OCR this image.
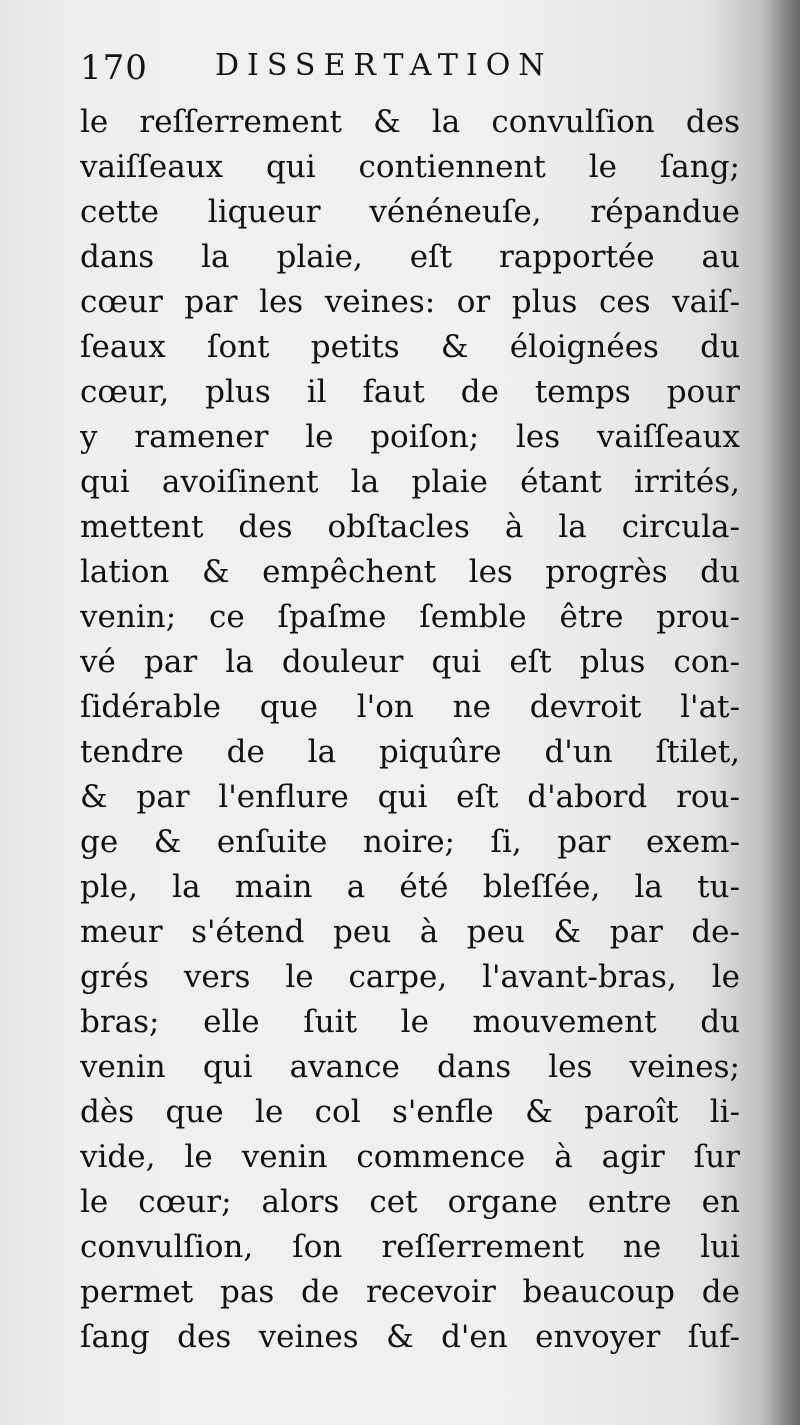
170 DISSERTATION
le reſſerrement & la convulſion des
vaiſſeaux qui contiennent le ſang;
cette liqueur vénéneuſe, répandue
dans la plaie, eſt rapportée au
cœur par les veines: or plus ces vaiſ-
ſeaux ſont petits & éloignées du
cœur, plus il faut de temps pour
y ramener le poiſon; les vaiſſeaux
qui avoiſinent la plaie étant irrités,
mettent des obſtacles à la circula-
lation & empêchent les progrès du
venin; ce ſpaſme ſemble être prou-
vé par la douleur qui eſt plus con-
ſidérable que l'on ne devroit l'at-
tendre de la piquûre d'un ſtilet,
& par l'enflure qui eſt d'abord rou-
ge & enſuite noire; ſi, par exem-
ple, la main a été bleſſée, la tu-
meur s'étend peu à peu & par de-
grés vers le carpe, l'avant-bras, le
bras; elle ſuit le mouvement du
venin qui avance dans les veines;
dès que le col s'enfle & paroît li-
vide, le venin commence à agir ſur
le cœur; alors cet organe entre en
convulſion, ſon reſſerrement ne lui
permet pas de recevoir beaucoup de
ſang des veines & d'en envoyer ſuf-
